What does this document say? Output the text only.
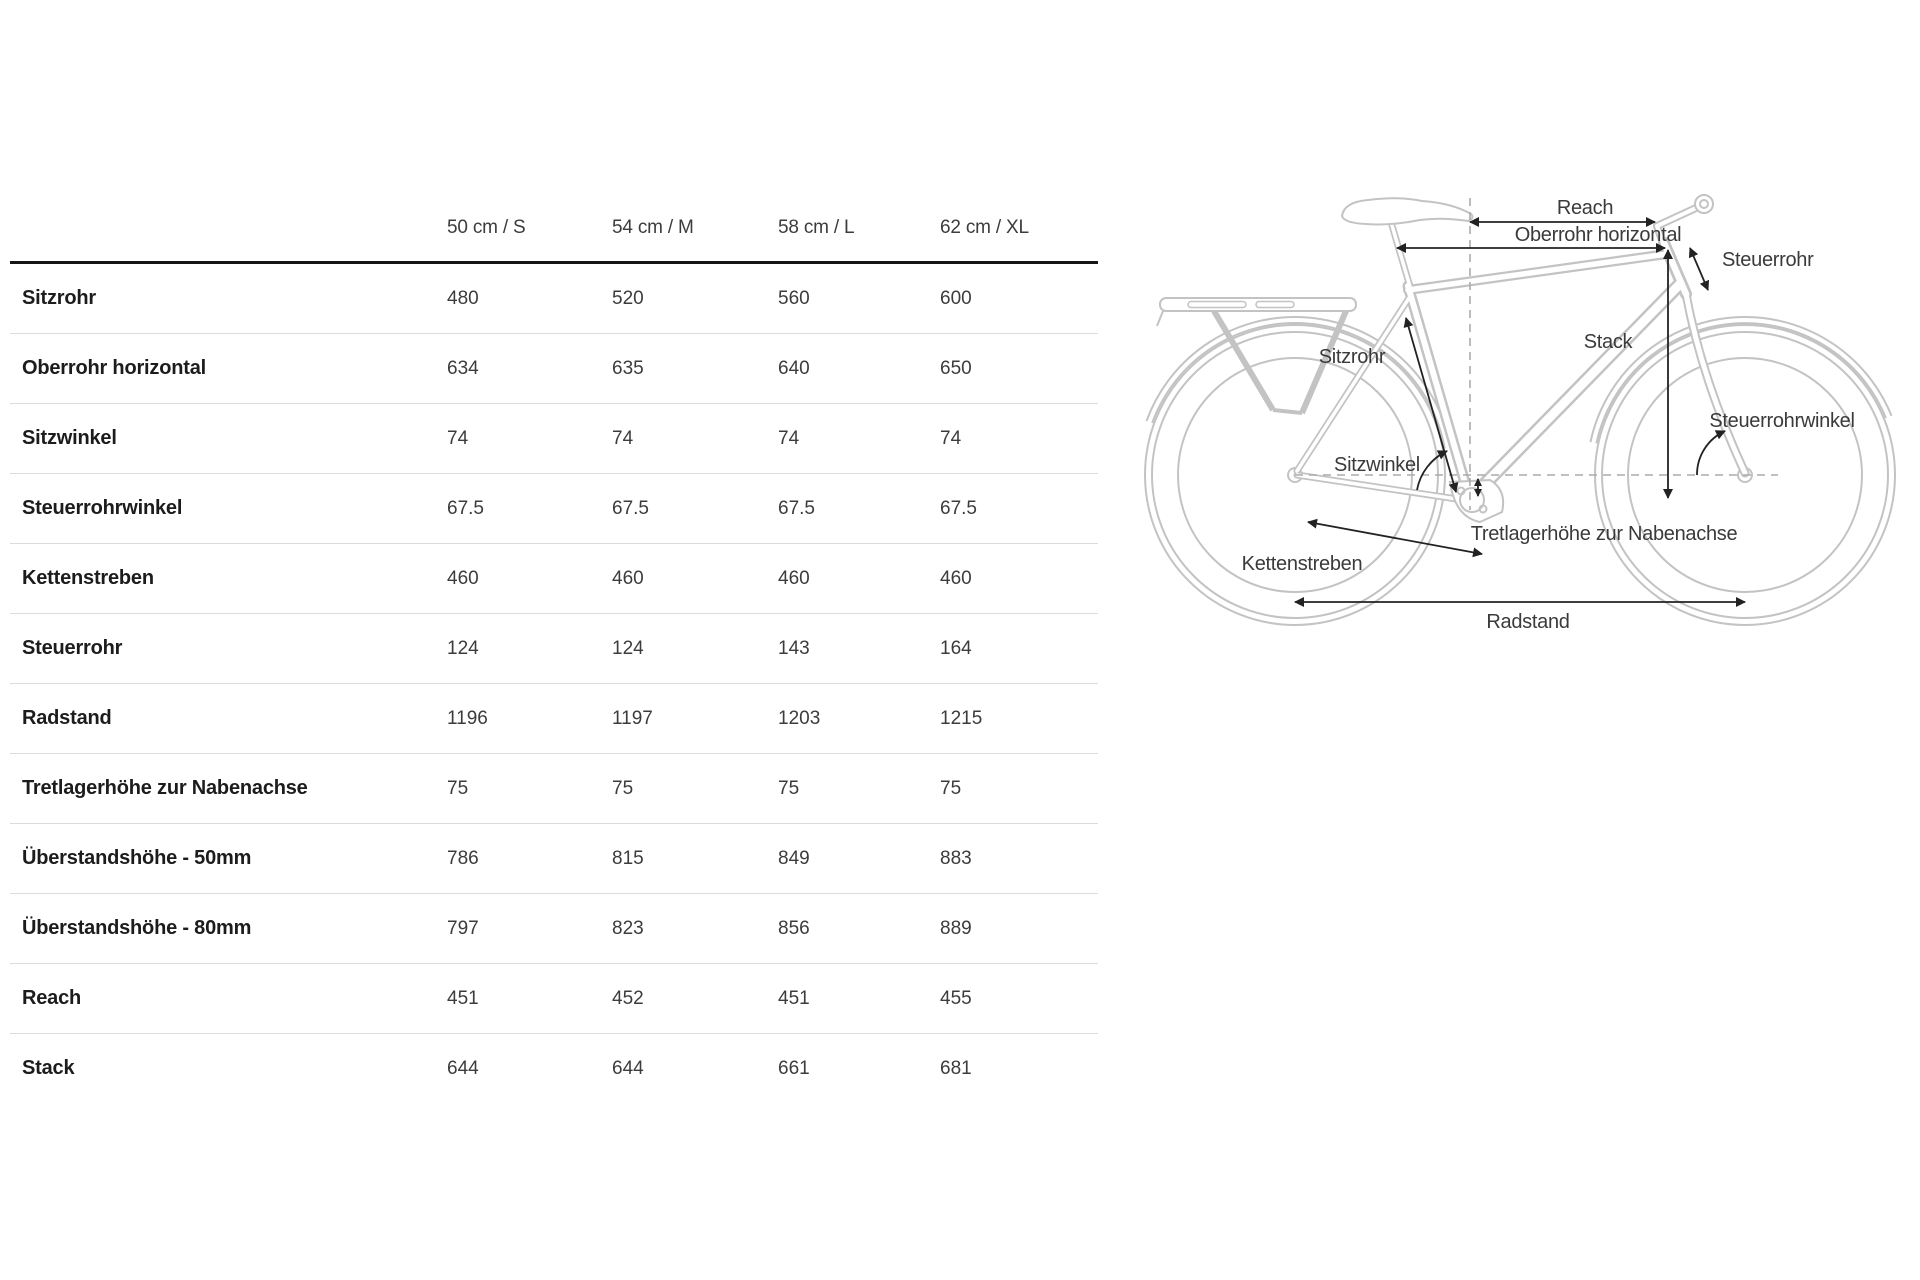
50 cm / S	54 cm / M	58 cm / L	62 cm / XL
Sitzrohr	480	520	560	600
Oberrohr horizontal	634	635	640	650
Sitzwinkel	74	74	74	74
Steuerrohrwinkel	67.5	67.5	67.5	67.5
Kettenstreben	460	460	460	460
Steuerrohr	124	124	143	164
Radstand	1196	1197	1203	1215
Tretlagerhöhe zur Nabenachse	75	75	75	75
Überstandshöhe - 50mm	786	815	849	883
Überstandshöhe - 80mm	797	823	856	889
Reach	451	452	451	455
Stack	644	644	661	681
Reach
Oberrohr horizontal
Steuerrohr
Sitzrohr
Stack
Sitzwinkel
Steuerrohrwinkel
Kettenstreben
Tretlagerhöhe zur Nabenachse
Radstand
